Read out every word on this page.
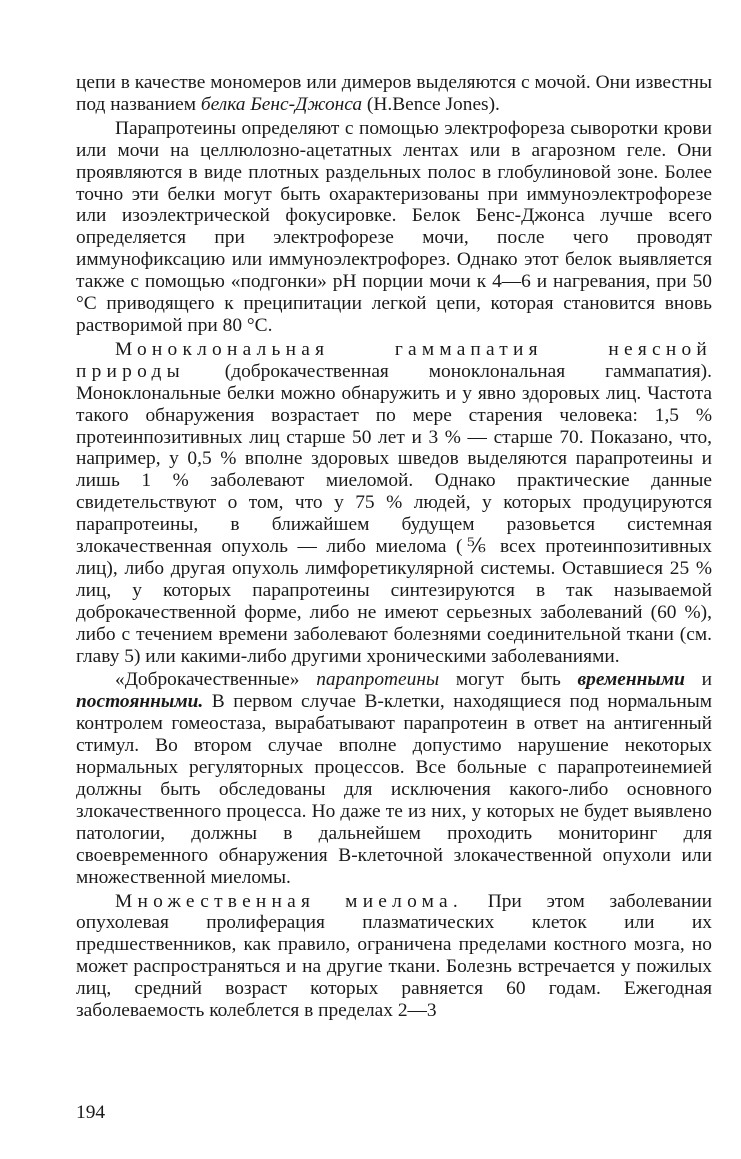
цепи в качестве мономеров или димеров выделяются с мочой. Они известны под названием белка Бенс-Джонса (H.Bence Jones).

Парапротеины определяют с помощью электрофореза сыворотки крови или мочи на целлюлозно-ацетатных лентах или в агарозном геле. Они проявляются в виде плотных раздельных полос в глобулиновой зоне. Более точно эти белки могут быть охарактеризованы при иммуноэлектрофорезе или изоэлектрической фокусировке. Белок Бенс-Джонса лучше всего определяется при электрофорезе мочи, после чего проводят иммунофиксацию или иммуноэлектрофорез. Однако этот белок выявляется также с помощью «подгонки» pH порции мочи к 4—6 и нагревания, при 50 °С приводящего к преципитации легкой цепи, которая становится вновь растворимой при 80 °С.

Моноклональная гаммапатия неясной природы (доброкачественная моноклональная гаммапатия). Моноклональные белки можно обнаружить и у явно здоровых лиц. Частота такого обнаружения возрастает по мере старения человека: 1,5 % протеинпозитивных лиц старше 50 лет и 3 % — старше 70. Показано, что, например, у 0,5 % вполне здоровых шведов выделяются парапротеины и лишь 1 % заболевают миеломой. Однако практические данные свидетельствуют о том, что у 75 % людей, у которых продуцируются парапротеины, в ближайшем будущем разовьется системная злокачественная опухоль — либо миелома (⅚ всех протеинпозитивных лиц), либо другая опухоль лимфоретикулярной системы. Оставшиеся 25 % лиц, у которых парапротеины синтезируются в так называемой доброкачественной форме, либо не имеют серьезных заболеваний (60 %), либо с течением времени заболевают болезнями соединительной ткани (см. главу 5) или какими-либо другими хроническими заболеваниями.

«Доброкачественные» парапротеины могут быть временными и постоянными. В первом случае В-клетки, находящиеся под нормальным контролем гомеостаза, вырабатывают парапротеин в ответ на антигенный стимул. Во втором случае вполне допустимо нарушение некоторых нормальных регуляторных процессов. Все больные с парапротеинемией должны быть обследованы для исключения какого-либо основного злокачественного процесса. Но даже те из них, у которых не будет выявлено патологии, должны в дальнейшем проходить мониторинг для своевременного обнаружения В-клеточной злокачественной опухоли или множественной миеломы.

Множественная миелома. При этом заболевании опухолевая пролиферация плазматических клеток или их предшественников, как правило, ограничена пределами костного мозга, но может распространяться и на другие ткани. Болезнь встречается у пожилых лиц, средний возраст которых равняется 60 годам. Ежегодная заболеваемость колеблется в пределах 2—3

194
